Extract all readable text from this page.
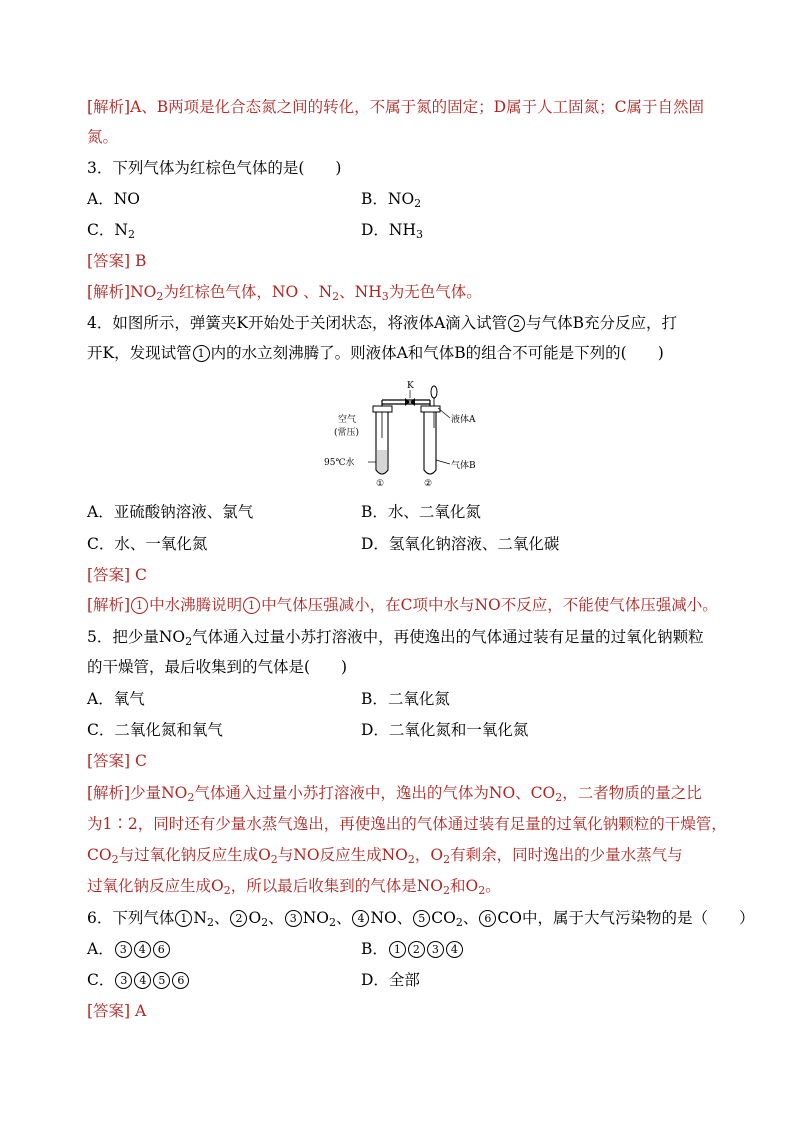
[解析]A、B两项是化合态氮之间的转化，不属于氮的固定；D属于人工固氮；C属于自然固
氮。
3．下列气体为红棕色气体的是(　　)
A．NO	B．$NO_2$
C．$N_2$	D．$NH_3$
[答案] B
[解析]$NO_2$为红棕色气体，NO 、$N_2$、$NH_3$为无色气体。
4．如图所示，弹簧夹K开始处于关闭状态，将液体A滴入试管 2 与气体B充分反应，打
开K，发现试管 1 内的水立刻沸腾了。则液体A和气体B的组合不可能是下列的(　　)
K
空气
(常压)
95℃水
液体A
气体B
①	②
A．亚硫酸钠溶液、氯气	B．水、二氧化氮
C．水、一氧化氮	D．氢氧化钠溶液、二氧化碳
[答案] C
[解析] 1 中水沸腾说明 1 中气体压强减小，在C项中水与NO不反应，不能使气体压强减小。
5．把少量$NO_2$气体通入过量小苏打溶液中，再使逸出的气体通过装有足量的过氧化钠颗粒
的干燥管，最后收集到的气体是(　　)
A．氧气	B．二氧化氮
C．二氧化氮和氧气	D．二氧化氮和一氧化氮
[答案] C
[解析]少量$NO_2$气体通入过量小苏打溶液中，逸出的气体为NO、$CO_2$，二者物质的量之比
为1∶2，同时还有少量水蒸气逸出，再使逸出的气体通过装有足量的过氧化钠颗粒的干燥管，
$CO_2$与过氧化钠反应生成$O_2$与NO反应生成$NO_2$，$O_2$有剩余，同时逸出的少量水蒸气与
过氧化钠反应生成$O_2$，所以最后收集到的气体是$NO_2$和$O_2$。
6．下列气体 1 $N_2$、 2 $O_2$、 3 $NO_2$、 4 NO、 5 $CO_2$、 6 CO中，属于大气污染物的是（　　）
A． 3 4 6	B． 1 2 3 4
C． 3 4 5 6	D．全部
[答案] A
